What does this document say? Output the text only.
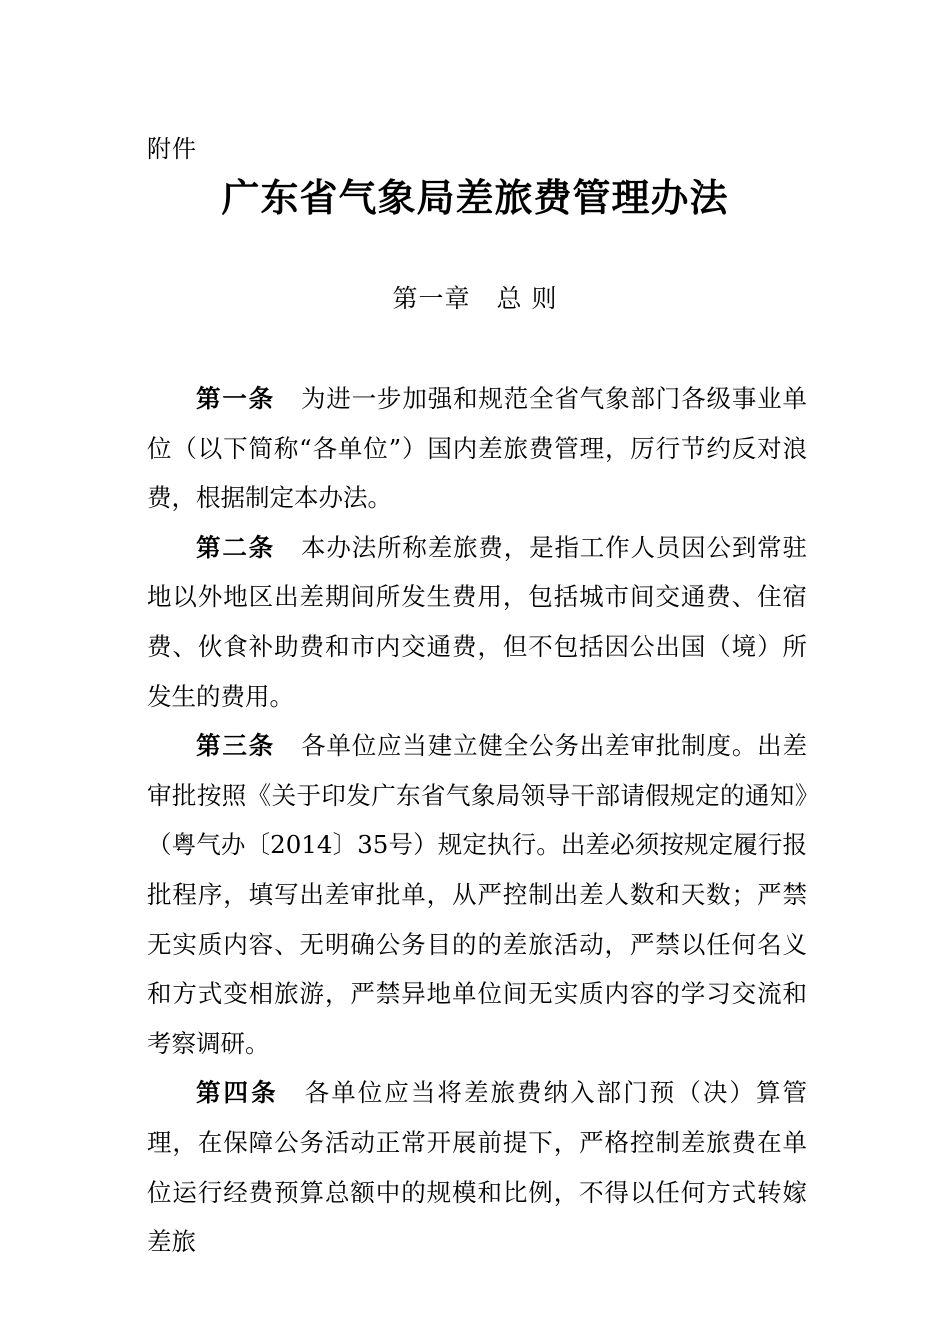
附件
广东省气象局差旅费管理办法
第一章　总 则

第一条 为进一步加强和规范全省气象部门各级事业单位（以下简称“各单位”）国内差旅费管理，厉行节约反对浪费，根据制定本办法。

第二条 本办法所称差旅费，是指工作人员因公到常驻地以外地区出差期间所发生费用，包括城市间交通费、住宿费、伙食补助费和市内交通费，但不包括因公出国（境）所发生的费用。

第三条 各单位应当建立健全公务出差审批制度。出差审批按照《关于印发广东省气象局领导干部请假规定的通知》（粤气办〔2014〕35号）规定执行。出差必须按规定履行报批程序，填写出差审批单，从严控制出差人数和天数；严禁无实质内容、无明确公务目的的差旅活动，严禁以任何名义和方式变相旅游，严禁异地单位间无实质内容的学习交流和考察调研。

第四条 各单位应当将差旅费纳入部门预（决）算管理，在保障公务活动正常开展前提下，严格控制差旅费在单位运行经费预算总额中的规模和比例，不得以任何方式转嫁差旅
